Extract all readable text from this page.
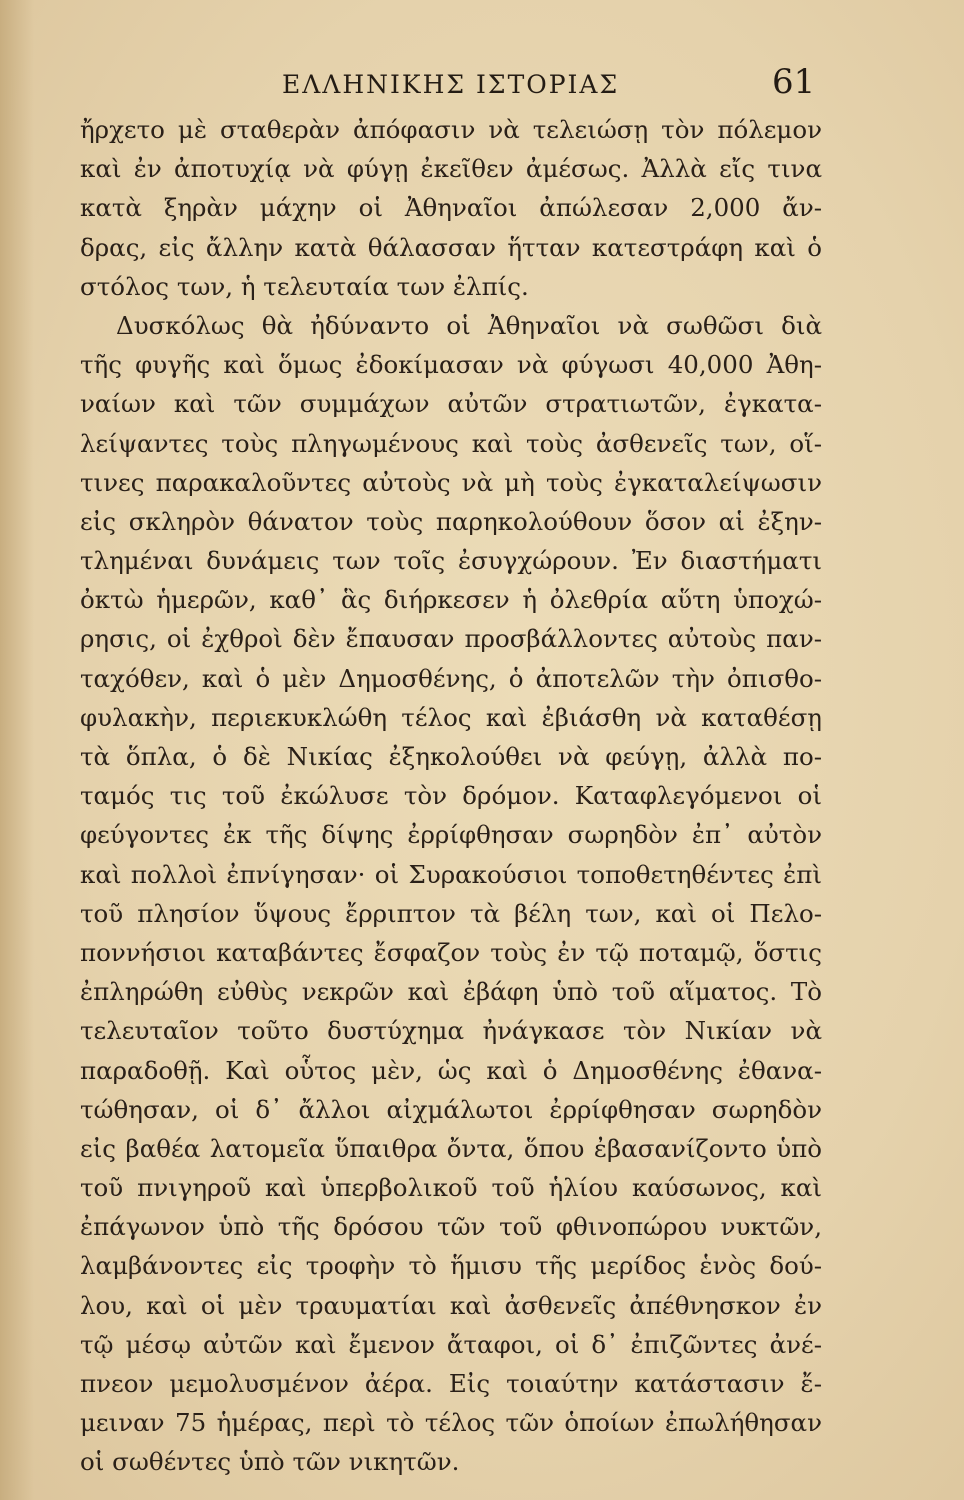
ΕΛΛΗΝΙΚΗΣ ΙΣΤΟΡΙΑΣ	61
ἤρχετο μὲ σταθερὰν ἀπόφασιν νὰ τελειώσῃ τὸν πόλεμον
καὶ ἐν ἀποτυχίᾳ νὰ φύγῃ ἐκεῖθεν ἀμέσως. Ἀλλὰ εἴς τινα
κατὰ ξηρὰν μάχην οἱ Ἀθηναῖοι ἀπώλεσαν 2,000 ἄν-
δρας, εἰς ἄλλην κατὰ θάλασσαν ἥτταν κατεστράφη καὶ ὁ
στόλος των, ἡ τελευταία των ἐλπίς.
Δυσκόλως θὰ ἠδύναντο οἱ Ἀθηναῖοι νὰ σωθῶσι διὰ
τῆς φυγῆς καὶ ὅμως ἐδοκίμασαν νὰ φύγωσι 40,000 Ἀθη-
ναίων καὶ τῶν συμμάχων αὐτῶν στρατιωτῶν, ἐγκατα-
λείψαντες τοὺς πληγωμένους καὶ τοὺς ἀσθενεῖς των, οἵ-
τινες παρακαλοῦντες αὐτοὺς νὰ μὴ τοὺς ἐγκαταλείψωσιν
εἰς σκληρὸν θάνατον τοὺς παρηκολούθουν ὅσον αἱ ἐξην-
τλημέναι δυνάμεις των τοῖς ἐσυγχώρουν. Ἐν διαστήματι
ὀκτὼ ἡμερῶν, καθ᾽ ἃς διήρκεσεν ἡ ὀλεθρία αὕτη ὑποχώ-
ρησις, οἱ ἐχθροὶ δὲν ἔπαυσαν προσβάλλοντες αὐτοὺς παν-
ταχόθεν, καὶ ὁ μὲν Δημοσθένης, ὁ ἀποτελῶν τὴν ὀπισθο-
φυλακὴν, περιεκυκλώθη τέλος καὶ ἐβιάσθη νὰ καταθέσῃ
τὰ ὅπλα, ὁ δὲ Νικίας ἐξηκολούθει νὰ φεύγῃ, ἀλλὰ πο-
ταμός τις τοῦ ἐκώλυσε τὸν δρόμον. Καταφλεγόμενοι οἱ
φεύγοντες ἐκ τῆς δίψης ἐρρίφθησαν σωρηδὸν ἐπ᾽ αὐτὸν
καὶ πολλοὶ ἐπνίγησαν· οἱ Συρακούσιοι τοποθετηθέντες ἐπὶ
τοῦ πλησίον ὕψους ἔρριπτον τὰ βέλη των, καὶ οἱ Πελο-
ποννήσιοι καταβάντες ἔσφαζον τοὺς ἐν τῷ ποταμῷ, ὅστις
ἐπληρώθη εὐθὺς νεκρῶν καὶ ἐβάφη ὑπὸ τοῦ αἵματος. Τὸ
τελευταῖον τοῦτο δυστύχημα ἠνάγκασε τὸν Νικίαν νὰ
παραδοθῇ. Καὶ οὗτος μὲν, ὡς καὶ ὁ Δημοσθένης ἐθανα-
τώθησαν, οἱ δ᾽ ἄλλοι αἰχμάλωτοι ἐρρίφθησαν σωρηδὸν
εἰς βαθέα λατομεῖα ὕπαιθρα ὄντα, ὅπου ἐβασανίζοντο ὑπὸ
τοῦ πνιγηροῦ καὶ ὑπερβολικοῦ τοῦ ἡλίου καύσωνος, καὶ
ἐπάγωνον ὑπὸ τῆς δρόσου τῶν τοῦ φθινοπώρου νυκτῶν,
λαμβάνοντες εἰς τροφὴν τὸ ἥμισυ τῆς μερίδος ἑνὸς δού-
λου, καὶ οἱ μὲν τραυματίαι καὶ ἀσθενεῖς ἀπέθνησκον ἐν
τῷ μέσῳ αὐτῶν καὶ ἔμενον ἄταφοι, οἱ δ᾽ ἐπιζῶντες ἀνέ-
πνεον μεμολυσμένον ἀέρα. Εἰς τοιαύτην κατάστασιν ἔ-
μειναν 75 ἡμέρας, περὶ τὸ τέλος τῶν ὁποίων ἐπωλήθησαν
οἱ σωθέντες ὑπὸ τῶν νικητῶν.
